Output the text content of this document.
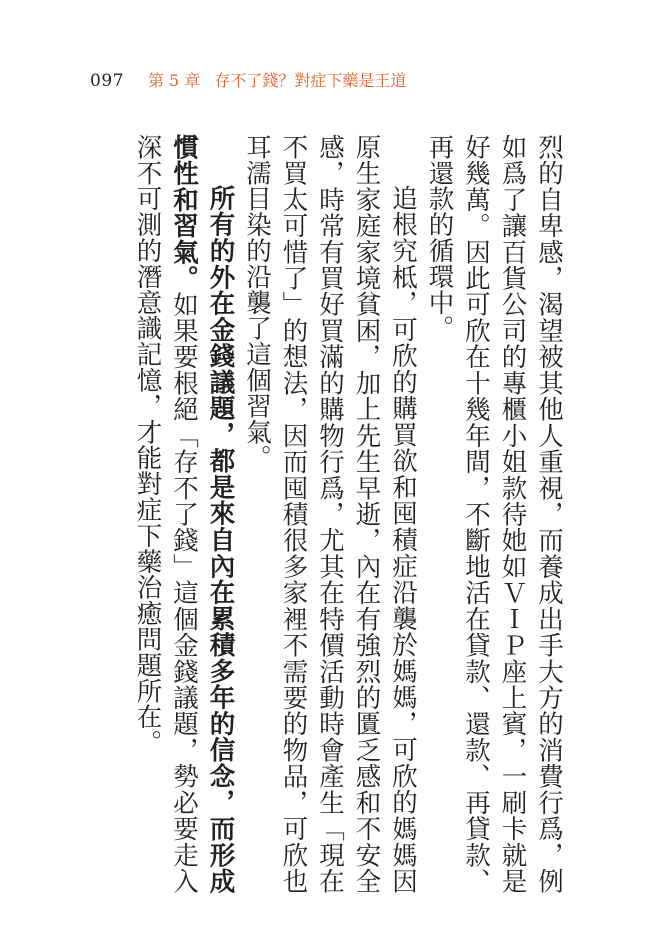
097 第 5 章 存不了錢？對症下藥是王道

烈的自卑感，渴望被其他人重視，而養成出手大方的消費行爲，例如爲了讓百貨公司的專櫃小姐款待她如ＶＩＰ座上賓，一刷卡就是好幾萬。因此可欣在十幾年間，不斷地活在貸款、還款、再貸款、再還款的循環中。

追根究柢，可欣的購買欲和囤積症沿襲於媽媽，可欣的媽媽因原生家庭家境貧困，加上先生早逝，內在有強烈的匱乏感和不安全感，時常有買好買滿的購物行爲，尤其在特價活動時會產生「現在不買太可惜了」的想法，因而囤積很多家裡不需要的物品，可欣也耳濡目染的沿襲了這個習氣。

所有的外在金錢議題，都是來自內在累積多年的信念，而形成慣性和習氣。如果要根絕「存不了錢」這個金錢議題，勢必要走入深不可測的潛意識記憶，才能對症下藥治癒問題所在。
